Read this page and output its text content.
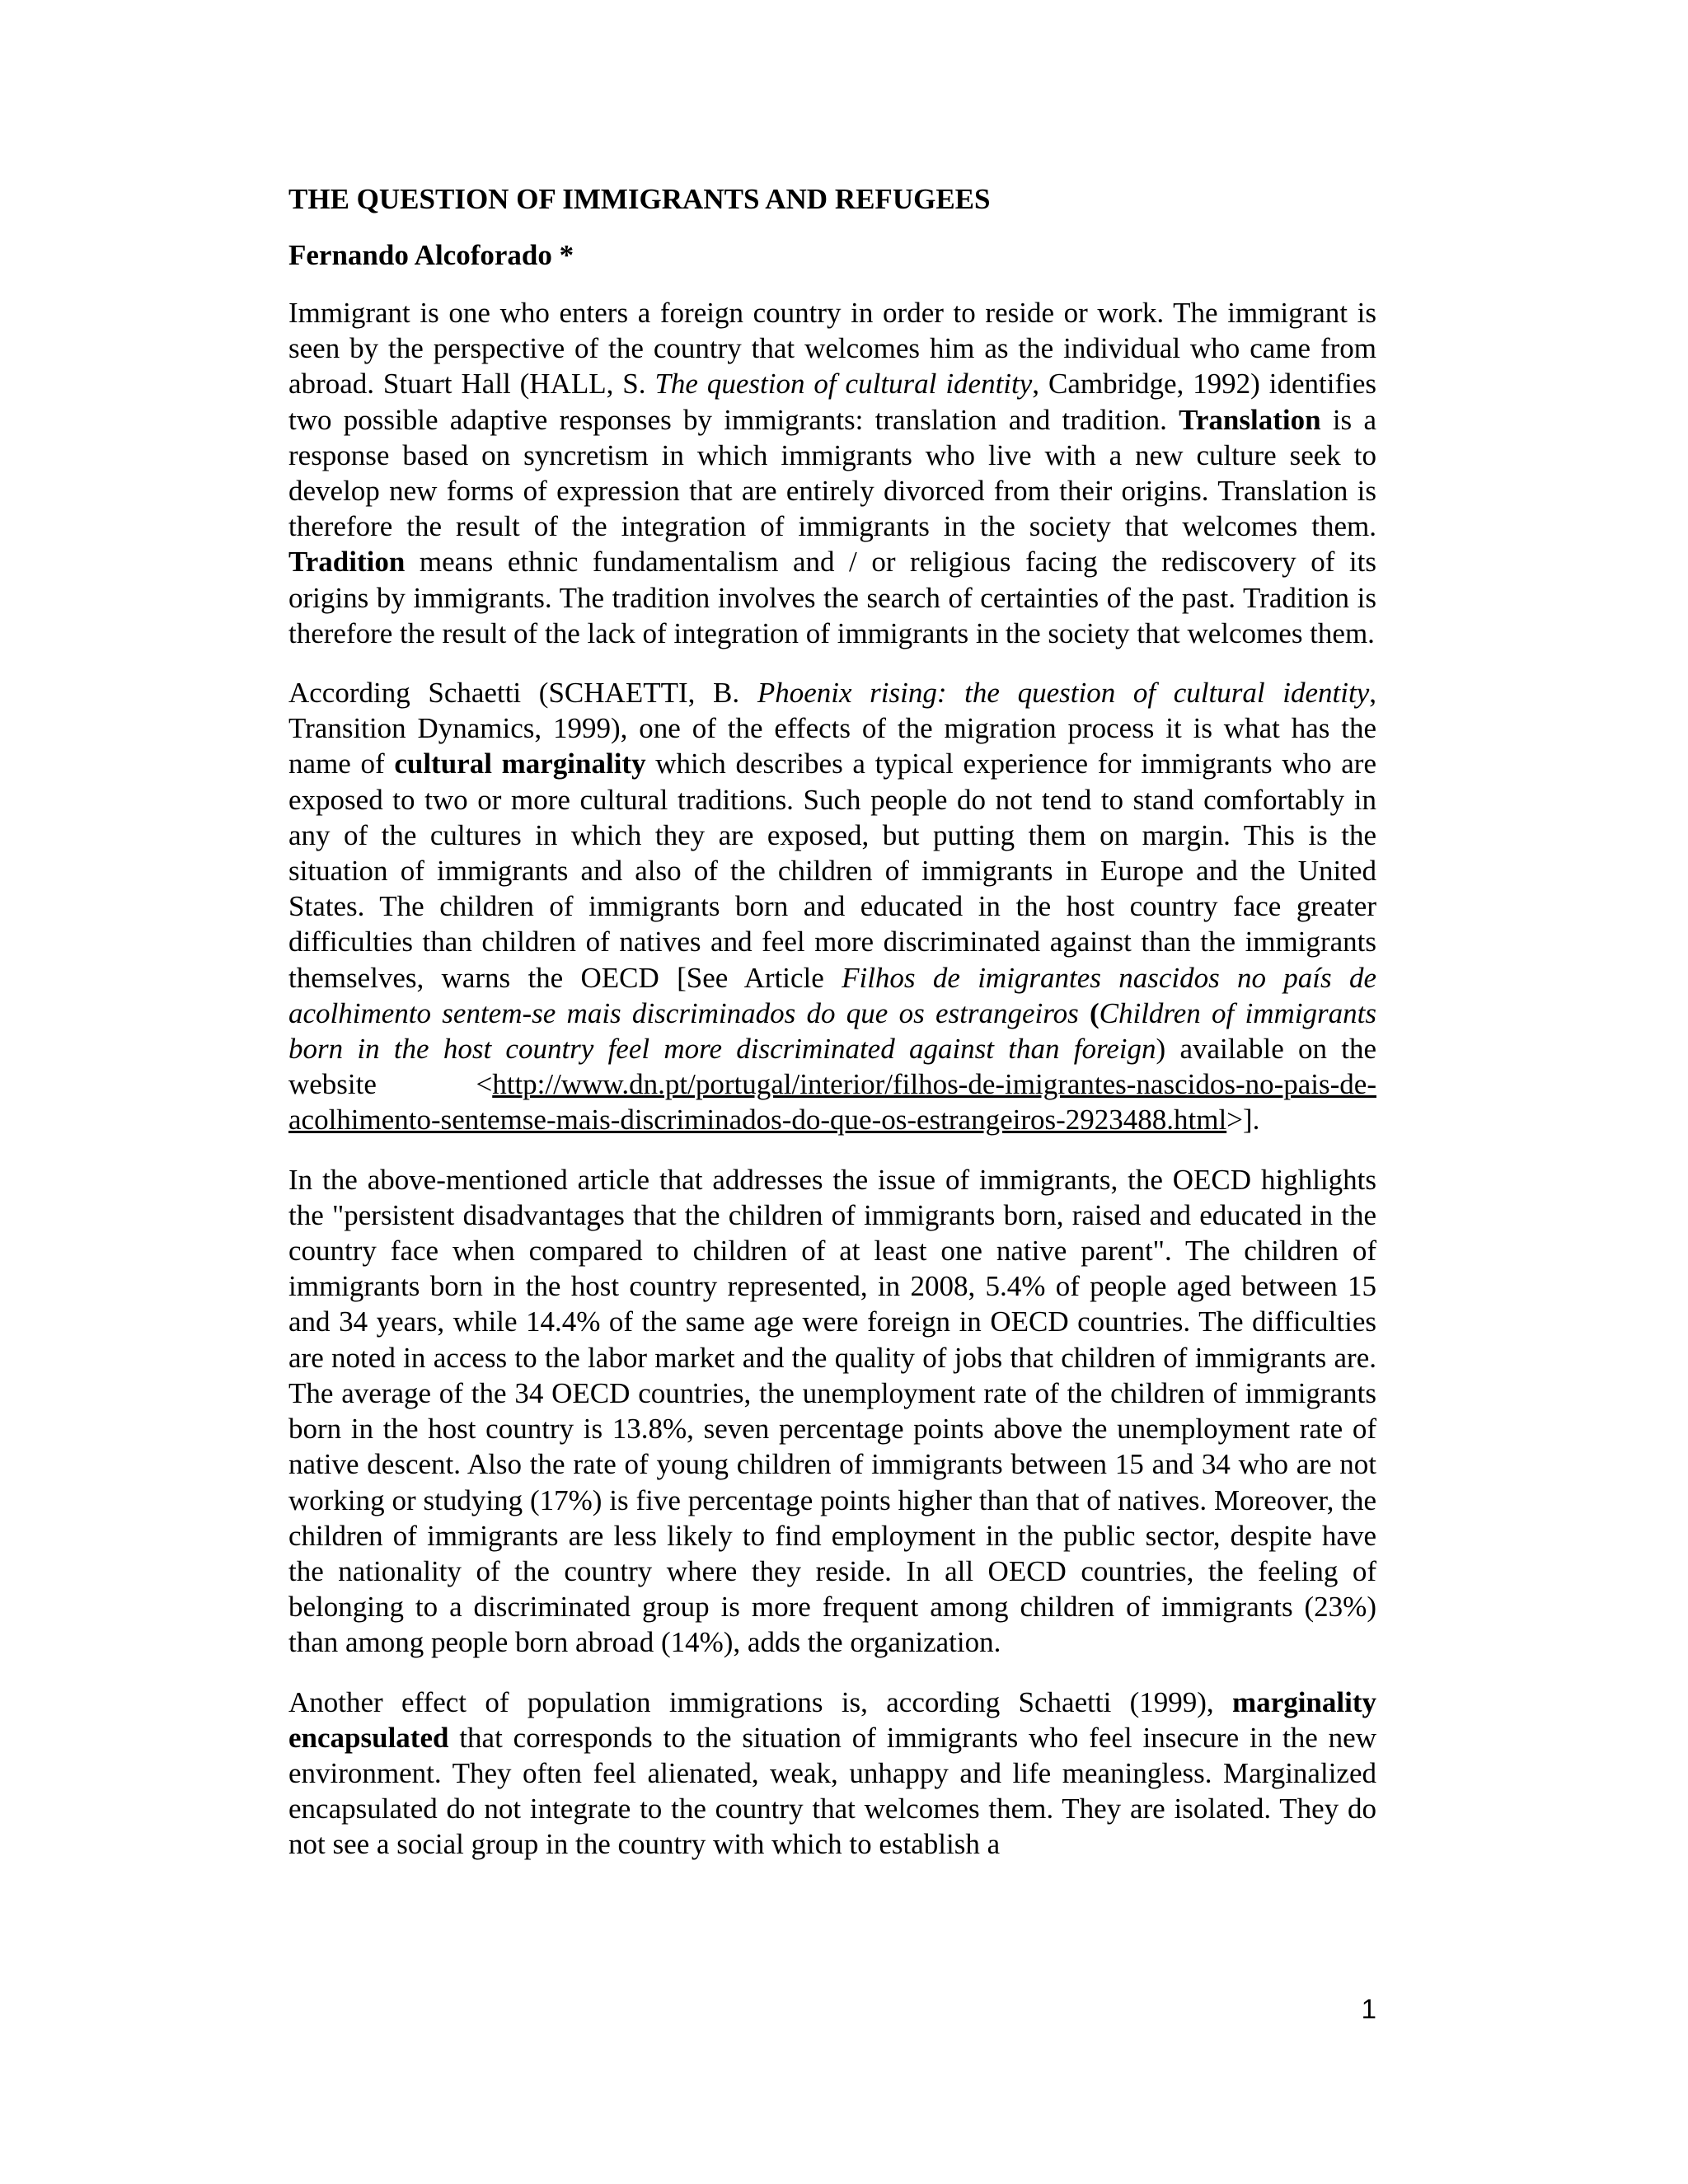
THE QUESTION OF IMMIGRANTS AND REFUGEES
Fernando Alcoforado *

Immigrant is one who enters a foreign country in order to reside or work. The immigrant is seen by the perspective of the country that welcomes him as the individual who came from abroad. Stuart Hall (HALL, S. The question of cultural identity, Cambridge, 1992) identifies two possible adaptive responses by immigrants: translation and tradition. Translation is a response based on syncretism in which immigrants who live with a new culture seek to develop new forms of expression that are entirely divorced from their origins. Translation is therefore the result of the integration of immigrants in the society that welcomes them. Tradition means ethnic fundamentalism and / or religious facing the rediscovery of its origins by immigrants. The tradition involves the search of certainties of the past. Tradition is therefore the result of the lack of integration of immigrants in the society that welcomes them.

According Schaetti (SCHAETTI, B. Phoenix rising: the question of cultural identity, Transition Dynamics, 1999), one of the effects of the migration process it is what has the name of cultural marginality which describes a typical experience for immigrants who are exposed to two or more cultural traditions. Such people do not tend to stand comfortably in any of the cultures in which they are exposed, but putting them on margin. This is the situation of immigrants and also of the children of immigrants in Europe and the United States. The children of immigrants born and educated in the host country face greater difficulties than children of natives and feel more discriminated against than the immigrants themselves, warns the OECD [See Article Filhos de imigrantes nascidos no país de acolhimento sentem-se mais discriminados do que os estrangeiros (Children of immigrants born in the host country feel more discriminated against than foreign) available on the website <http://www.dn.pt/portugal/interior/filhos-de-imigrantes-nascidos-no-pais-de-acolhimento-sentemse-mais-discriminados-do-que-os-estrangeiros-2923488.html>].

In the above-mentioned article that addresses the issue of immigrants, the OECD highlights the "persistent disadvantages that the children of immigrants born, raised and educated in the country face when compared to children of at least one native parent". The children of immigrants born in the host country represented, in 2008, 5.4% of people aged between 15 and 34 years, while 14.4% of the same age were foreign in OECD countries. The difficulties are noted in access to the labor market and the quality of jobs that children of immigrants are. The average of the 34 OECD countries, the unemployment rate of the children of immigrants born in the host country is 13.8%, seven percentage points above the unemployment rate of native descent. Also the rate of young children of immigrants between 15 and 34 who are not working or studying (17%) is five percentage points higher than that of natives. Moreover, the children of immigrants are less likely to find employment in the public sector, despite have the nationality of the country where they reside. In all OECD countries, the feeling of belonging to a discriminated group is more frequent among children of immigrants (23%) than among people born abroad (14%), adds the organization.

Another effect of population immigrations is, according Schaetti (1999), marginality encapsulated that corresponds to the situation of immigrants who feel insecure in the new environment. They often feel alienated, weak, unhappy and life meaningless. Marginalized encapsulated do not integrate to the country that welcomes them. They are isolated. They do not see a social group in the country with which to establish a

1
